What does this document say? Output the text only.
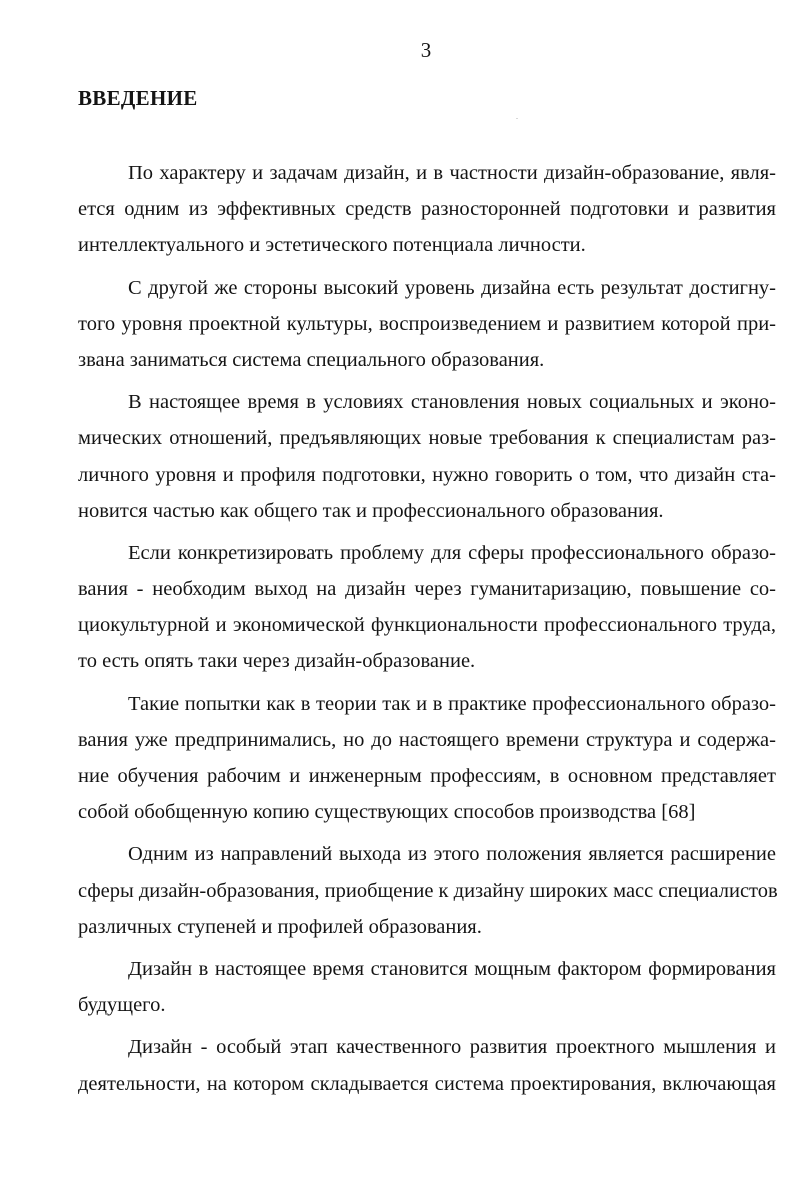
3
ВВЕДЕНИЕ
По характеру и задачам дизайн, и в частности дизайн-образование, явля-
ется одним из эффективных средств разносторонней подготовки и развития
интеллектуального и эстетического потенциала личности.
С другой же стороны высокий уровень дизайна есть результат достигну-
того уровня проектной культуры, воспроизведением и развитием которой при-
звана заниматься система специального образования.
В настоящее время в условиях становления новых социальных и эконо-
мических отношений, предъявляющих новые требования к специалистам раз-
личного уровня и профиля подготовки, нужно говорить о том, что дизайн ста-
новится частью как общего так и профессионального образования.
Если конкретизировать проблему для сферы профессионального образо-
вания - необходим выход на дизайн через гуманитаризацию, повышение со-
циокультурной и экономической функциональности профессионального труда,
то есть опять таки через дизайн-образование.
Такие попытки как в теории так и в практике профессионального образо-
вания уже предпринимались, но до настоящего времени структура и содержа-
ние обучения рабочим и инженерным профессиям, в основном представляет
собой обобщенную копию существующих способов производства [68]
Одним из направлений выхода из этого положения является расширение
сферы дизайн-образования, приобщение к дизайну широких масс специалистов
различных ступеней и профилей образования.
Дизайн в настоящее время становится мощным фактором формирования
будущего.
Дизайн - особый этап качественного развития проектного мышления и
деятельности, на котором складывается система проектирования, включающая
